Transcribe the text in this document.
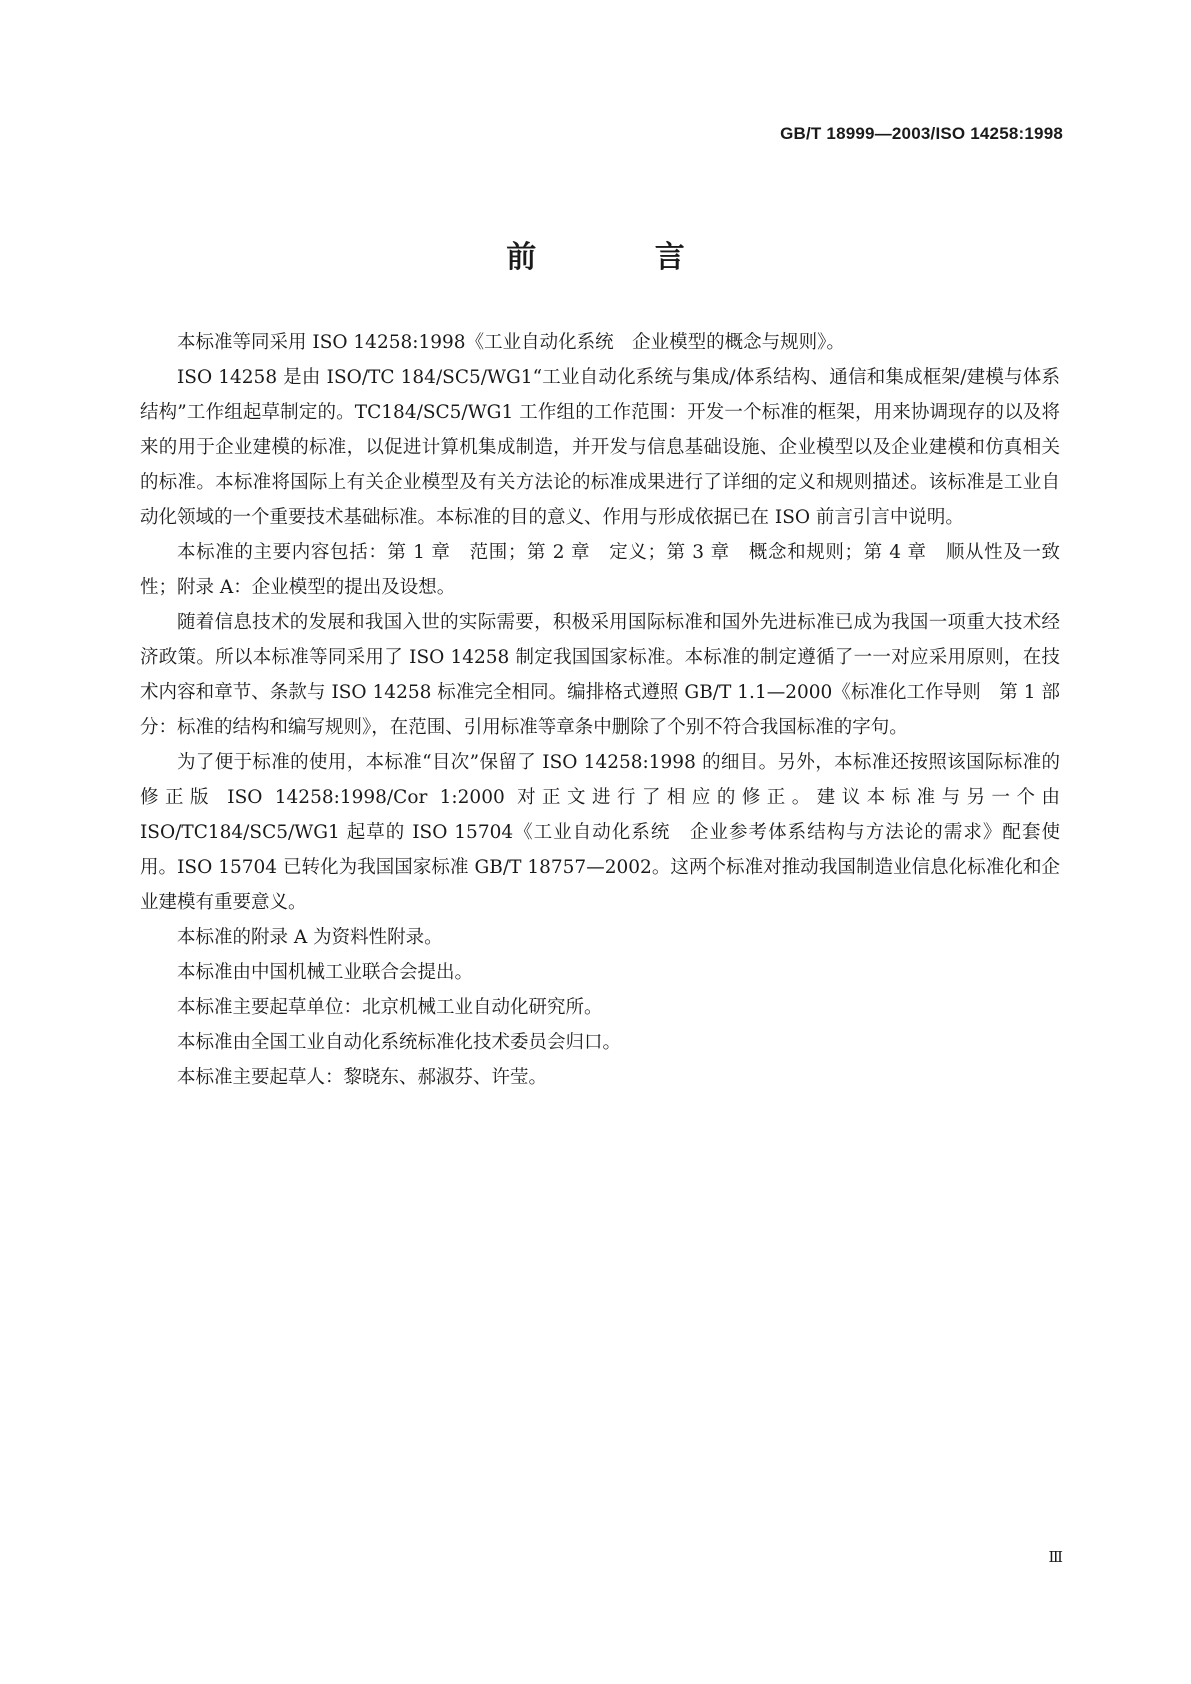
GB/T 18999—2003/ISO 14258:1998
前 言

本标准等同采用 ISO 14258:1998《工业自动化系统　企业模型的概念与规则》。

ISO 14258 是由 ISO/TC 184/SC5/WG1“工业自动化系统与集成/体系结构、通信和集成框架/建模与体系结构”工作组起草制定的。TC184/SC5/WG1 工作组的工作范围：开发一个标准的框架，用来协调现存的以及将来的用于企业建模的标准，以促进计算机集成制造，并开发与信息基础设施、企业模型以及企业建模和仿真相关的标准。本标准将国际上有关企业模型及有关方法论的标准成果进行了详细的定义和规则描述。该标准是工业自动化领域的一个重要技术基础标准。本标准的目的意义、作用与形成依据已在 ISO 前言引言中说明。

本标准的主要内容包括：第 1 章　范围；第 2 章　定义；第 3 章　概念和规则；第 4 章　顺从性及一致性；附录 A：企业模型的提出及设想。

随着信息技术的发展和我国入世的实际需要，积极采用国际标准和国外先进标准已成为我国一项重大技术经济政策。所以本标准等同采用了 ISO 14258 制定我国国家标准。本标准的制定遵循了一一对应采用原则，在技术内容和章节、条款与 ISO 14258 标准完全相同。编排格式遵照 GB/T 1.1—2000《标准化工作导则　第 1 部分：标准的结构和编写规则》，在范围、引用标准等章条中删除了个别不符合我国标准的字句。

为了便于标准的使用，本标准“目次”保留了 ISO 14258:1998 的细目。另外，本标准还按照该国际标准的修正版 ISO 14258:1998/Cor 1:2000 对正文进行了相应的修正。建议本标准与另一个由 ISO/TC184/SC5/WG1 起草的 ISO 15704《工业自动化系统　企业参考体系结构与方法论的需求》配套使用。ISO 15704 已转化为我国国家标准 GB/T 18757—2002。这两个标准对推动我国制造业信息化标准化和企业建模有重要意义。

本标准的附录 A 为资料性附录。

本标准由中国机械工业联合会提出。

本标准主要起草单位：北京机械工业自动化研究所。

本标准由全国工业自动化系统标准化技术委员会归口。

本标准主要起草人：黎晓东、郝淑芬、许莹。

Ⅲ
